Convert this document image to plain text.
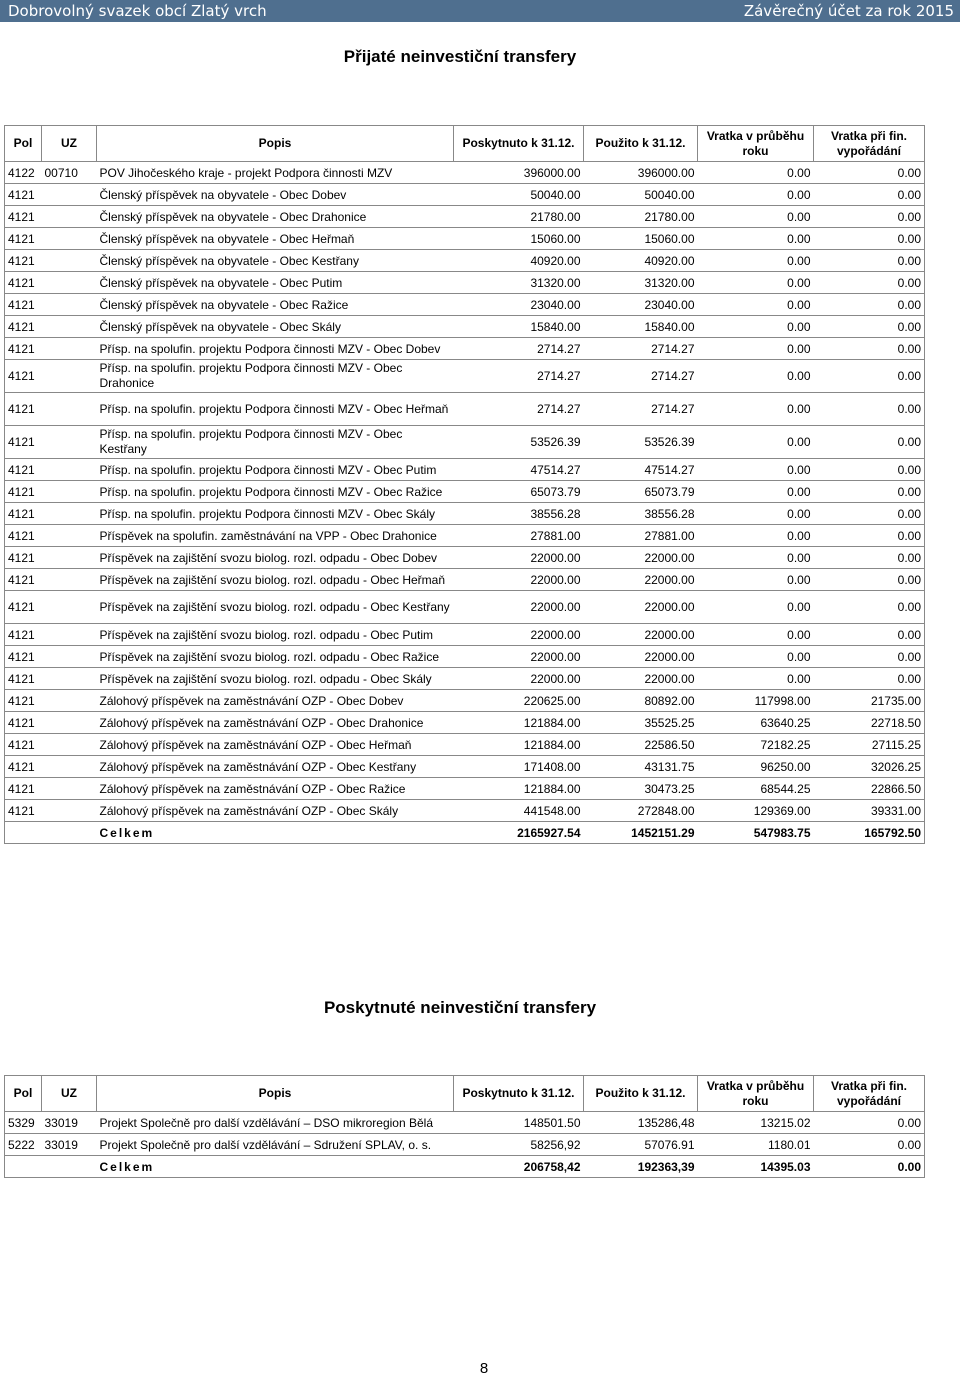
Dobrovolný svazek obcí Zlatý vrch	Závěrečný účet za rok 2015
Přijaté neinvestiční transfery
Pol	UZ	Popis	Poskytnuto k 31.12.	Použito k 31.12.	Vratka v průběhu roku	Vratka při fin. vypořádání
4122	00710	POV Jihočeského kraje - projekt Podpora činnosti MZV	396000.00	396000.00	0.00	0.00
4121		Členský příspěvek na obyvatele - Obec Dobev	50040.00	50040.00	0.00	0.00
4121		Členský příspěvek na obyvatele - Obec Drahonice	21780.00	21780.00	0.00	0.00
4121		Členský příspěvek na obyvatele - Obec Heřmaň	15060.00	15060.00	0.00	0.00
4121		Členský příspěvek na obyvatele - Obec Kestřany	40920.00	40920.00	0.00	0.00
4121		Členský příspěvek na obyvatele - Obec Putim	31320.00	31320.00	0.00	0.00
4121		Členský příspěvek na obyvatele - Obec Ražice	23040.00	23040.00	0.00	0.00
4121		Členský příspěvek na obyvatele - Obec Skály	15840.00	15840.00	0.00	0.00
4121		Přísp. na spolufin. projektu Podpora činnosti MZV - Obec Dobev	2714.27	2714.27	0.00	0.00
4121		Přísp. na spolufin. projektu Podpora činnosti MZV - Obec Drahonice	2714.27	2714.27	0.00	0.00
4121		Přísp. na spolufin. projektu Podpora činnosti MZV - Obec Heřmaň	2714.27	2714.27	0.00	0.00
4121		Přísp. na spolufin. projektu Podpora činnosti MZV - Obec Kestřany	53526.39	53526.39	0.00	0.00
4121		Přísp. na spolufin. projektu Podpora činnosti MZV - Obec Putim	47514.27	47514.27	0.00	0.00
4121		Přísp. na spolufin. projektu Podpora činnosti MZV - Obec Ražice	65073.79	65073.79	0.00	0.00
4121		Přísp. na spolufin. projektu Podpora činnosti MZV - Obec Skály	38556.28	38556.28	0.00	0.00
4121		Příspěvek na spolufin. zaměstnávání na VPP - Obec Drahonice	27881.00	27881.00	0.00	0.00
4121		Příspěvek na zajištění svozu biolog. rozl. odpadu - Obec Dobev	22000.00	22000.00	0.00	0.00
4121		Příspěvek na zajištění svozu biolog. rozl. odpadu - Obec Heřmaň	22000.00	22000.00	0.00	0.00
4121		Příspěvek na zajištění svozu biolog. rozl. odpadu - Obec Kestřany	22000.00	22000.00	0.00	0.00
4121		Příspěvek na zajištění svozu biolog. rozl. odpadu - Obec Putim	22000.00	22000.00	0.00	0.00
4121		Příspěvek na zajištění svozu biolog. rozl. odpadu - Obec Ražice	22000.00	22000.00	0.00	0.00
4121		Příspěvek na zajištění svozu biolog. rozl. odpadu - Obec Skály	22000.00	22000.00	0.00	0.00
4121		Zálohový příspěvek na zaměstnávání OZP - Obec Dobev	220625.00	80892.00	117998.00	21735.00
4121		Zálohový příspěvek na zaměstnávání OZP - Obec Drahonice	121884.00	35525.25	63640.25	22718.50
4121		Zálohový příspěvek na zaměstnávání OZP - Obec Heřmaň	121884.00	22586.50	72182.25	27115.25
4121		Zálohový příspěvek na zaměstnávání OZP - Obec Kestřany	171408.00	43131.75	96250.00	32026.25
4121		Zálohový příspěvek na zaměstnávání OZP - Obec Ražice	121884.00	30473.25	68544.25	22866.50
4121		Zálohový příspěvek na zaměstnávání OZP - Obec Skály	441548.00	272848.00	129369.00	39331.00
		Celkem	2165927.54	1452151.29	547983.75	165792.50
Poskytnuté neinvestiční transfery
Pol	UZ	Popis	Poskytnuto k 31.12.	Použito k 31.12.	Vratka v průběhu roku	Vratka při fin. vypořádání
5329	33019	Projekt Společně pro další vzdělávání – DSO mikroregion Bělá	148501.50	135286,48	13215.02	0.00
5222	33019	Projekt Společně pro další vzdělávání – Sdružení SPLAV, o. s.	58256,92	57076.91	1180.01	0.00
		Celkem	206758,42	192363,39	14395.03	0.00
8
